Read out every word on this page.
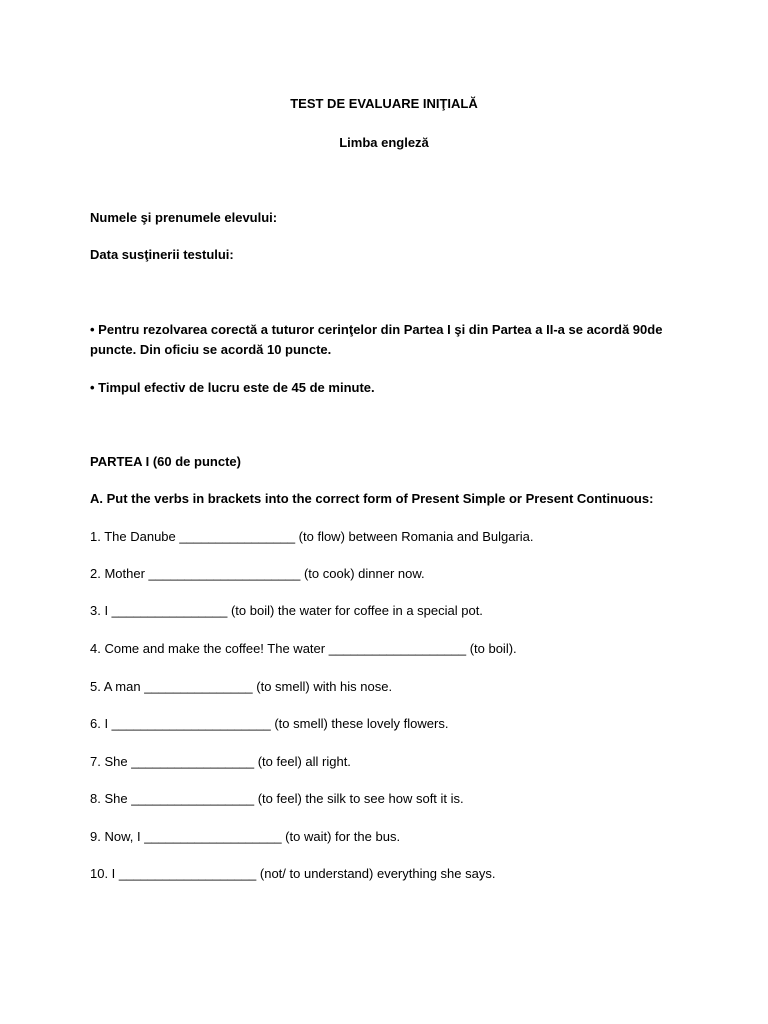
TEST DE EVALUARE INIŢIALĂ
Limba engleză
Numele şi prenumele elevului:
Data susţinerii testului:
• Pentru rezolvarea corectă a tuturor cerinţelor din Partea I şi din Partea a II-a se acordă 90de puncte. Din oficiu se acordă 10 puncte.
• Timpul efectiv de lucru este de 45 de minute.
PARTEA I (60 de puncte)
A. Put the verbs in brackets into the correct form of Present Simple or Present Continuous:
1. The Danube ________________ (to flow) between Romania and Bulgaria.
2. Mother _____________________ (to cook) dinner now.
3. I ________________ (to boil) the water for coffee in a special pot.
4. Come and make the coffee! The water ___________________ (to boil).
5. A man _______________ (to smell) with his nose.
6. I ______________________ (to smell) these lovely flowers.
7. She _________________ (to feel) all right.
8. She _________________ (to feel) the silk to see how soft it is.
9. Now, I ___________________ (to wait) for the bus.
10. I ___________________ (not/ to understand) everything she says.
